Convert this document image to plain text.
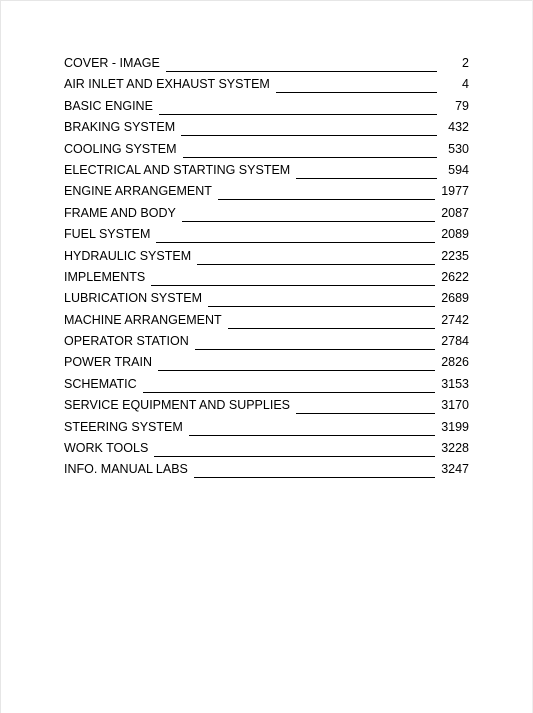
COVER - IMAGE	2
AIR INLET AND EXHAUST SYSTEM	4
BASIC ENGINE	79
BRAKING SYSTEM	432
COOLING SYSTEM	530
ELECTRICAL AND STARTING SYSTEM	594
ENGINE ARRANGEMENT	1977
FRAME AND BODY	2087
FUEL SYSTEM	2089
HYDRAULIC SYSTEM	2235
IMPLEMENTS	2622
LUBRICATION SYSTEM	2689
MACHINE ARRANGEMENT	2742
OPERATOR STATION	2784
POWER TRAIN	2826
SCHEMATIC	3153
SERVICE EQUIPMENT AND SUPPLIES	3170
STEERING SYSTEM	3199
WORK TOOLS	3228
INFO. MANUAL LABS	3247
